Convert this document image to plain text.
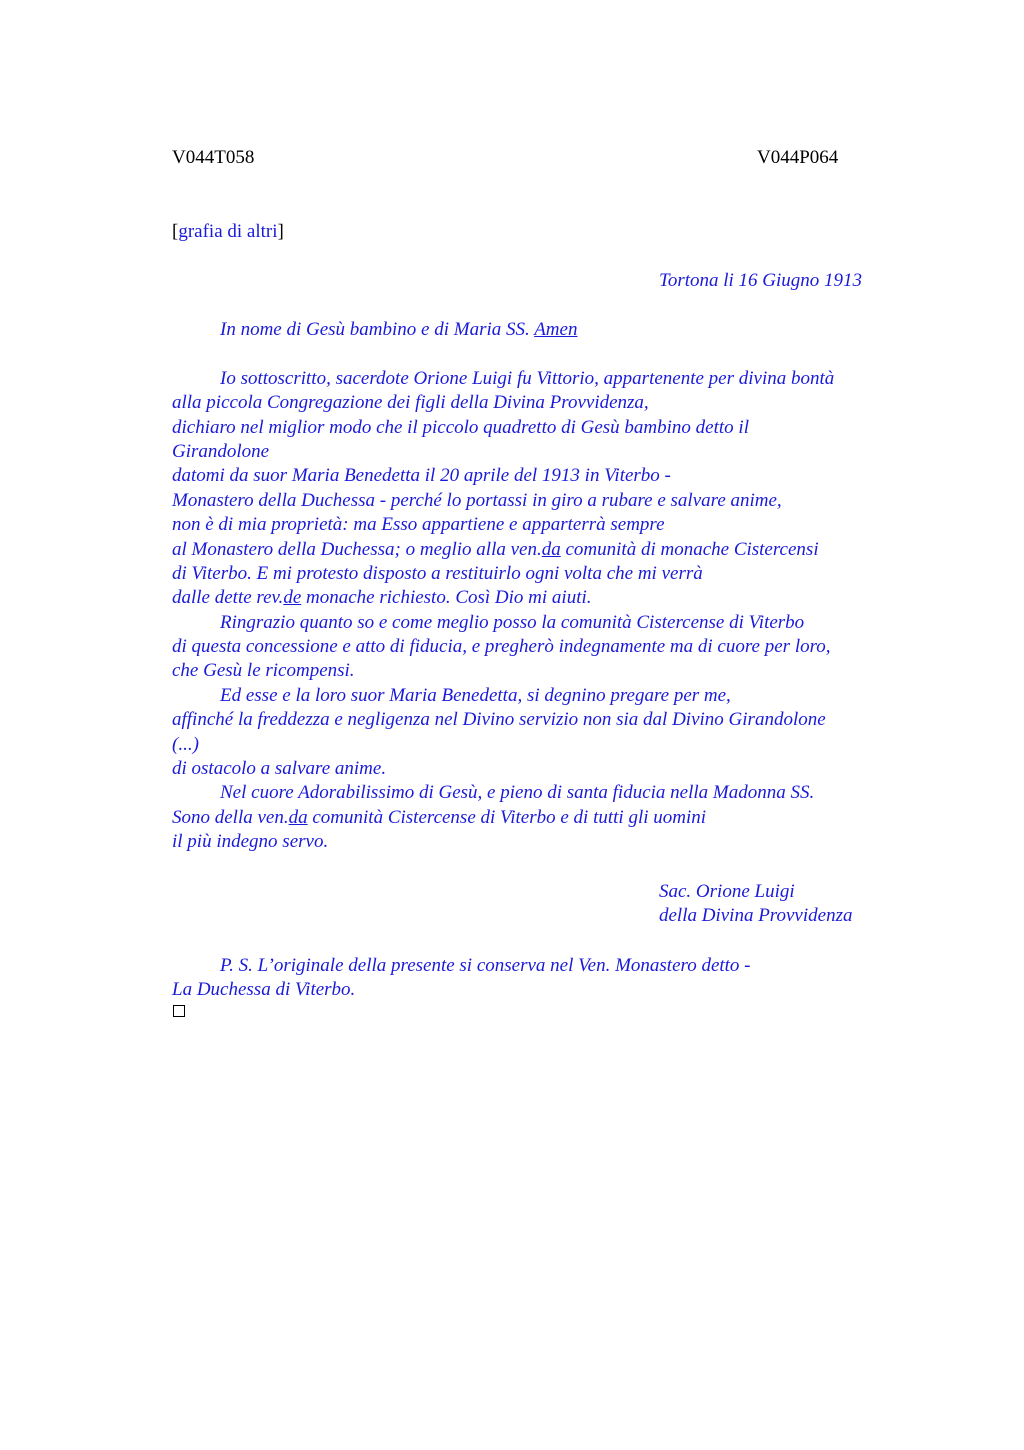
V044T058	V044P064
[grafia di altri]
Tortona li 16 Giugno 1913
In nome di Gesù bambino e di Maria SS. Amen
Io sottoscritto, sacerdote Orione Luigi fu Vittorio, appartenente per divina bontà
alla piccola Congregazione dei figli della Divina Provvidenza,
dichiaro nel miglior modo che il piccolo quadretto di Gesù bambino detto il
Girandolone
datomi da suor Maria Benedetta il 20 aprile del 1913 in Viterbo -
Monastero della Duchessa - perché lo portassi in giro a rubare e salvare anime,
non è di mia proprietà: ma Esso appartiene e apparterrà sempre
al Monastero della Duchessa; o meglio alla ven.da comunità di monache Cistercensi
di Viterbo. E mi protesto disposto a restituirlo ogni volta che mi verrà
dalle dette rev.de monache richiesto. Così Dio mi aiuti.
Ringrazio quanto so e come meglio posso la comunità Cistercense di Viterbo
di questa concessione e atto di fiducia, e pregherò indegnamente ma di cuore per loro,
che Gesù le ricompensi.
Ed esse e la loro suor Maria Benedetta, si degnino pregare per me,
affinché la freddezza e negligenza nel Divino servizio non sia dal Divino Girandolone
(...)
di ostacolo a salvare anime.
Nel cuore Adorabilissimo di Gesù, e pieno di santa fiducia nella Madonna SS.
Sono della ven.da comunità Cistercense di Viterbo e di tutti gli uomini
il più indegno servo.
Sac. Orione Luigi
della Divina Provvidenza
P. S. L’originale della presente si conserva nel Ven. Monastero detto -
La Duchessa di Viterbo.
